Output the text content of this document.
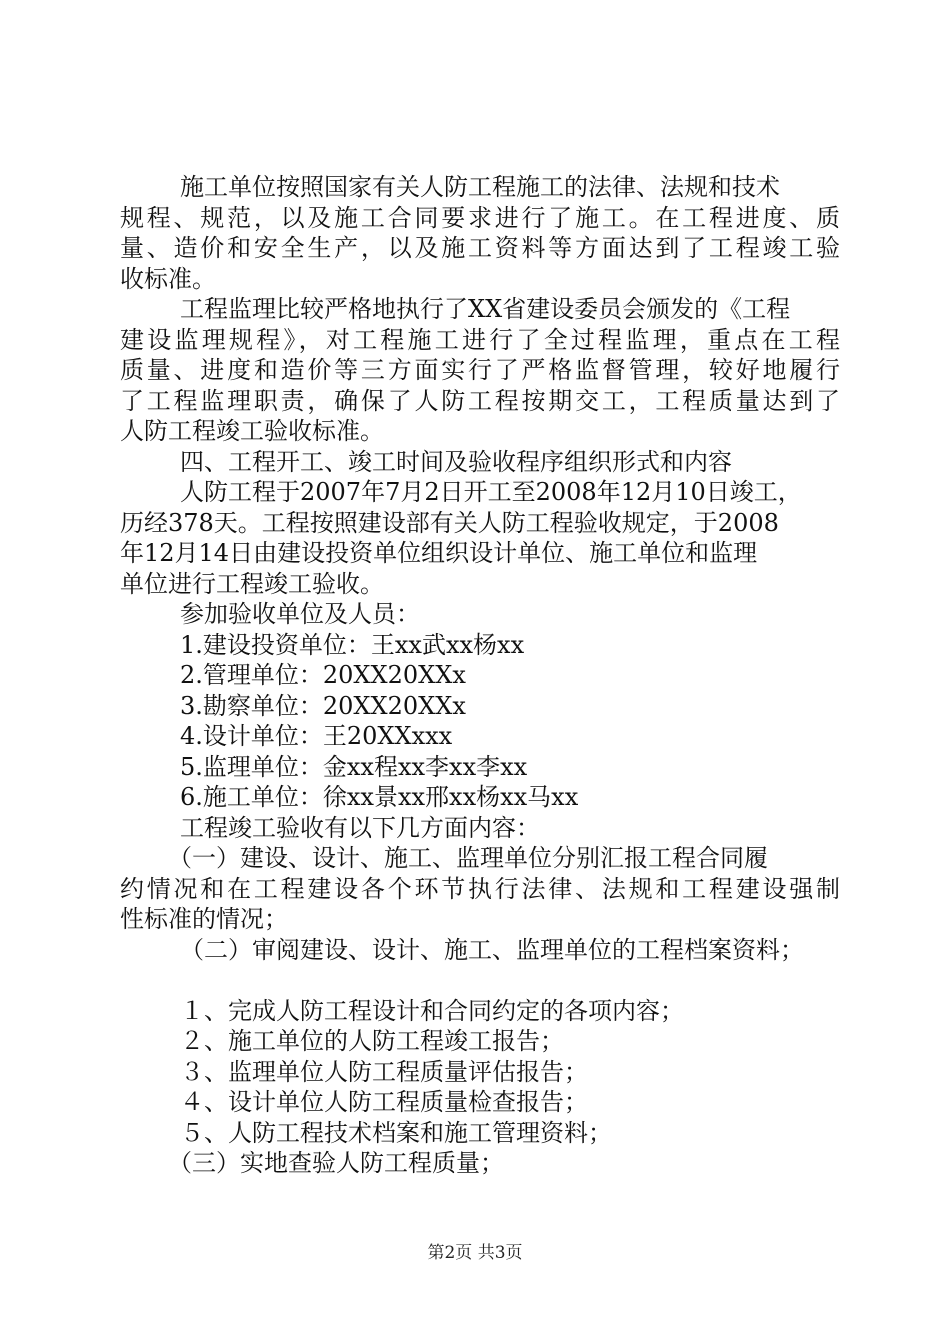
施工单位按照国家有关人防工程施工的法律、法规和技术
规程、规范，以及施工合同要求进行了施工。在工程进度、质
量、造价和安全生产，以及施工资料等方面达到了工程竣工验
收标准。
工程监理比较严格地执行了XX省建设委员会颁发的《工程
建设监理规程》，对工程施工进行了全过程监理，重点在工程
质量、进度和造价等三方面实行了严格监督管理，较好地履行
了工程监理职责，确保了人防工程按期交工，工程质量达到了
人防工程竣工验收标准。
四、工程开工、竣工时间及验收程序组织形式和内容
人防工程于2007年7月2日开工至2008年12月10日竣工，
历经378天。工程按照建设部有关人防工程验收规定，于2008
年12月14日由建设投资单位组织设计单位、施工单位和监理
单位进行工程竣工验收。
参加验收单位及人员：
1.建设投资单位：王xx武xx杨xx
2.管理单位：20XX20XXx
3.勘察单位：20XX20XXx
4.设计单位：王20XXxxx
5.监理单位：金xx程xx李xx李xx
6.施工单位：徐xx景xx邢xx杨xx马xx
工程竣工验收有以下几方面内容：
（一）建设、设计、施工、监理单位分别汇报工程合同履
约情况和在工程建设各个环节执行法律、法规和工程建设强制
性标准的情况；
（二）审阅建设、设计、施工、监理单位的工程档案资料；
１、完成人防工程设计和合同约定的各项内容；
２、施工单位的人防工程竣工报告；
３、监理单位人防工程质量评估报告；
４、设计单位人防工程质量检查报告；
５、人防工程技术档案和施工管理资料；
（三）实地查验人防工程质量；
第2页 共3页
